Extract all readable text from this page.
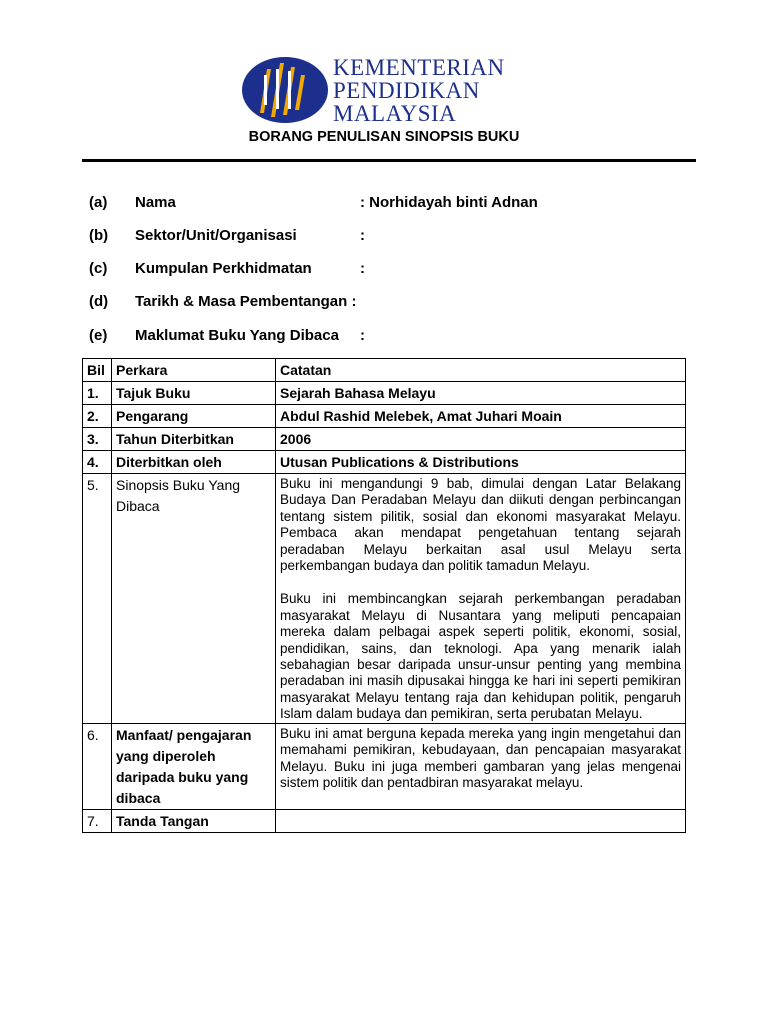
KEMENTERIAN
PENDIDIKAN
MALAYSIA
BORANG PENULISAN SINOPSIS BUKU
(a) Nama	: Norhidayah binti Adnan
(b) Sektor/Unit/Organisasi	:
(c) Kumpulan Perkhidmatan	:
(d) Tarikh & Masa Pembentangan :
(e) Maklumat Buku Yang Dibaca :
Bil	Perkara	Catatan
1.	Tajuk Buku	Sejarah Bahasa Melayu
2.	Pengarang	Abdul Rashid Melebek, Amat Juhari Moain
3.	Tahun Diterbitkan	2006
4.	Diterbitkan oleh	Utusan Publications & Distributions
5.	Sinopsis Buku Yang Dibaca	Buku ini mengandungi 9 bab, dimulai dengan Latar Belakang Budaya Dan Peradaban Melayu dan diikuti dengan perbincangan tentang sistem pilitik, sosial dan ekonomi masyarakat Melayu. Pembaca akan mendapat pengetahuan tentang sejarah peradaban Melayu berkaitan asal usul Melayu serta perkembangan budaya dan politik tamadun Melayu.

Buku ini membincangkan sejarah perkembangan peradaban masyarakat Melayu di Nusantara yang meliputi pencapaian mereka dalam pelbagai aspek seperti politik, ekonomi, sosial, pendidikan, sains, dan teknologi. Apa yang menarik ialah sebahagian besar daripada unsur-unsur penting yang membina peradaban ini masih dipusakai hingga ke hari ini seperti pemikiran masyarakat Melayu tentang raja dan kehidupan politik, pengaruh Islam dalam budaya dan pemikiran, serta perubatan Melayu.

6.	Manfaat/ pengajaran yang diperoleh daripada buku yang dibaca	Buku ini amat berguna kepada mereka yang ingin mengetahui dan memahami pemikiran, kebudayaan, dan pencapaian masyarakat Melayu. Buku ini juga memberi gambaran yang jelas mengenai sistem politik dan pentadbiran masyarakat melayu.

7.	Tanda Tangan	
